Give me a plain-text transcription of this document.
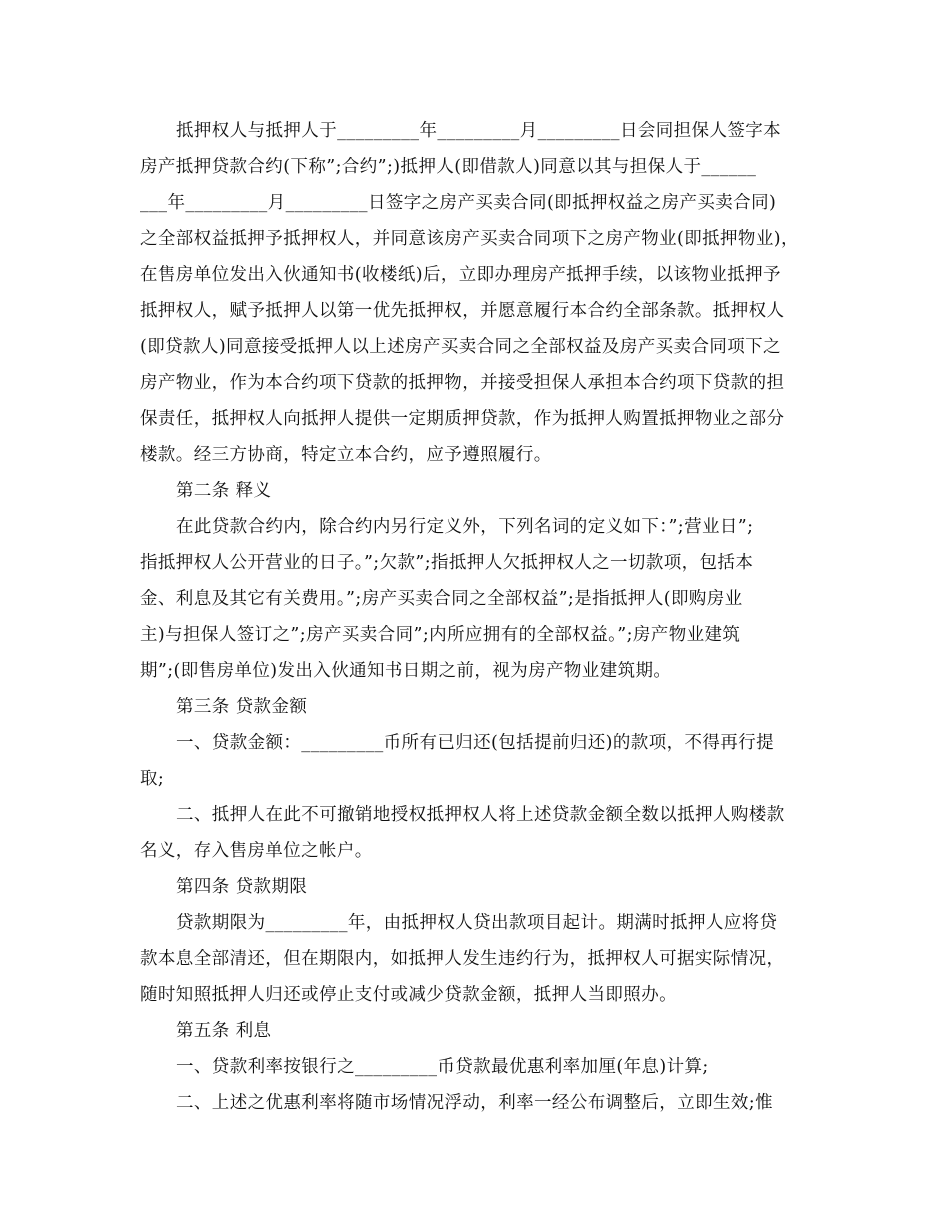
抵押权人与抵押人于_________年_________月_________日会同担保人签字本
房产抵押贷款合约(下称”;合约”;)抵押人(即借款人)同意以其与担保人于______
___年_________月_________日签字之房产买卖合同(即抵押权益之房产买卖合同)
之全部权益抵押予抵押权人，并同意该房产买卖合同项下之房产物业(即抵押物业)，
在售房单位发出入伙通知书(收楼纸)后，立即办理房产抵押手续，以该物业抵押予
抵押权人，赋予抵押人以第一优先抵押权，并愿意履行本合约全部条款。抵押权人
(即贷款人)同意接受抵押人以上述房产买卖合同之全部权益及房产买卖合同项下之
房产物业，作为本合约项下贷款的抵押物，并接受担保人承担本合约项下贷款的担
保责任，抵押权人向抵押人提供一定期质押贷款，作为抵押人购置抵押物业之部分
楼款。经三方协商，特定立本合约，应予遵照履行。
第二条 释义
在此贷款合约内，除合约内另行定义外，下列名词的定义如下：”;营业日”;
指抵押权人公开营业的日子。”;欠款”;指抵押人欠抵押权人之一切款项，包括本
金、利息及其它有关费用。”;房产买卖合同之全部权益”;是指抵押人(即购房业
主)与担保人签订之”;房产买卖合同”;内所应拥有的全部权益。”;房产物业建筑
期”;(即售房单位)发出入伙通知书日期之前，视为房产物业建筑期。
第三条 贷款金额
一、贷款金额：_________币所有已归还(包括提前归还)的款项，不得再行提
取;
二、抵押人在此不可撤销地授权抵押权人将上述贷款金额全数以抵押人购楼款
名义，存入售房单位之帐户。
第四条 贷款期限
贷款期限为_________年，由抵押权人贷出款项目起计。期满时抵押人应将贷
款本息全部清还，但在期限内，如抵押人发生违约行为，抵押权人可据实际情况，
随时知照抵押人归还或停止支付或减少贷款金额，抵押人当即照办。
第五条 利息
一、贷款利率按银行之_________币贷款最优惠利率加厘(年息)计算;
二、上述之优惠利率将随市场情况浮动，利率一经公布调整后，立即生效;惟
